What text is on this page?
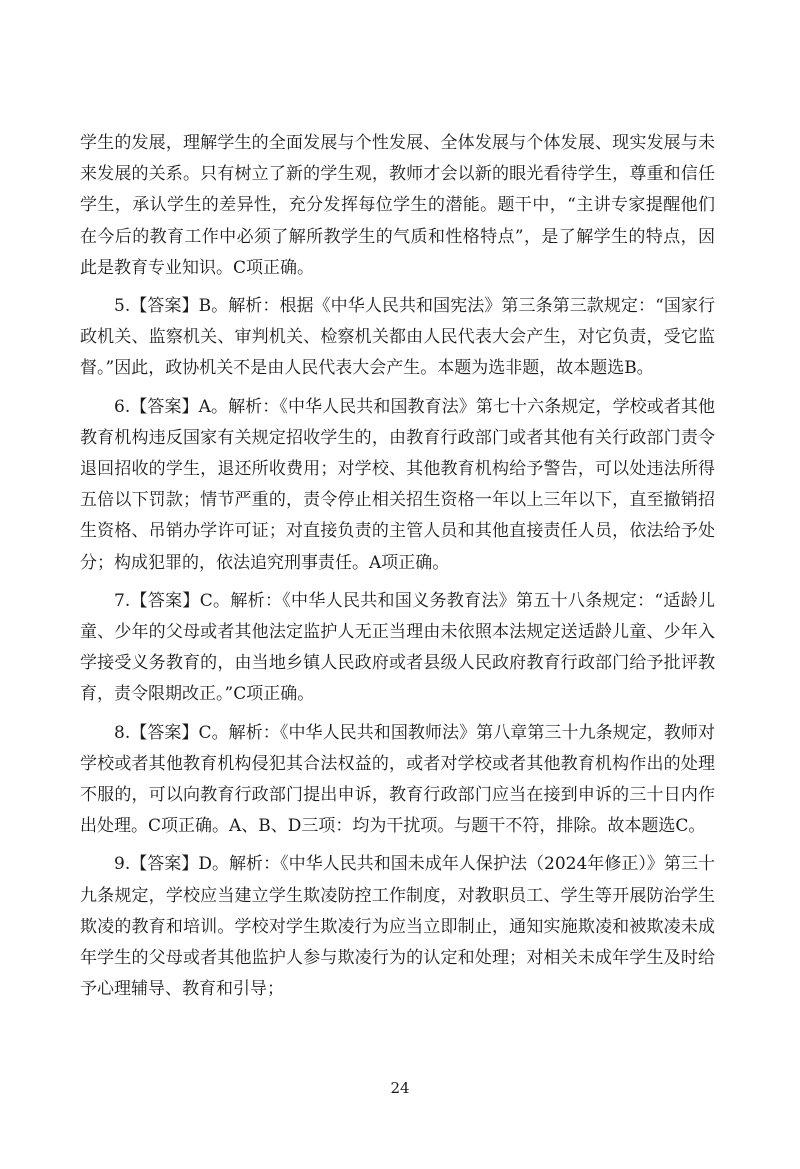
学生的发展，理解学生的全面发展与个性发展、全体发展与个体发展、现实发展与未来发展的关系。只有树立了新的学生观，教师才会以新的眼光看待学生，尊重和信任学生，承认学生的差异性，充分发挥每位学生的潜能。题干中，“主讲专家提醒他们在今后的教育工作中必须了解所教学生的气质和性格特点”，是了解学生的特点，因此是教育专业知识。C项正确。

5.【答案】B。解析：根据《中华人民共和国宪法》第三条第三款规定：“国家行政机关、监察机关、审判机关、检察机关都由人民代表大会产生，对它负责，受它监督。”因此，政协机关不是由人民代表大会产生。本题为选非题，故本题选B。

6.【答案】A。解析：《中华人民共和国教育法》第七十六条规定，学校或者其他教育机构违反国家有关规定招收学生的，由教育行政部门或者其他有关行政部门责令退回招收的学生，退还所收费用；对学校、其他教育机构给予警告，可以处违法所得五倍以下罚款；情节严重的，责令停止相关招生资格一年以上三年以下，直至撤销招生资格、吊销办学许可证；对直接负责的主管人员和其他直接责任人员，依法给予处分；构成犯罪的，依法追究刑事责任。A项正确。

7.【答案】C。解析：《中华人民共和国义务教育法》第五十八条规定：“适龄儿童、少年的父母或者其他法定监护人无正当理由未依照本法规定送适龄儿童、少年入学接受义务教育的，由当地乡镇人民政府或者县级人民政府教育行政部门给予批评教育，责令限期改正。”C项正确。

8.【答案】C。解析：《中华人民共和国教师法》第八章第三十九条规定，教师对学校或者其他教育机构侵犯其合法权益的，或者对学校或者其他教育机构作出的处理不服的，可以向教育行政部门提出申诉，教育行政部门应当在接到申诉的三十日内作出处理。C项正确。A、B、D三项：均为干扰项。与题干不符，排除。故本题选C。

9.【答案】D。解析：《中华人民共和国未成年人保护法（2024年修正）》第三十九条规定，学校应当建立学生欺凌防控工作制度，对教职员工、学生等开展防治学生欺凌的教育和培训。学校对学生欺凌行为应当立即制止，通知实施欺凌和被欺凌未成年学生的父母或者其他监护人参与欺凌行为的认定和处理；对相关未成年学生及时给予心理辅导、教育和引导；

24
